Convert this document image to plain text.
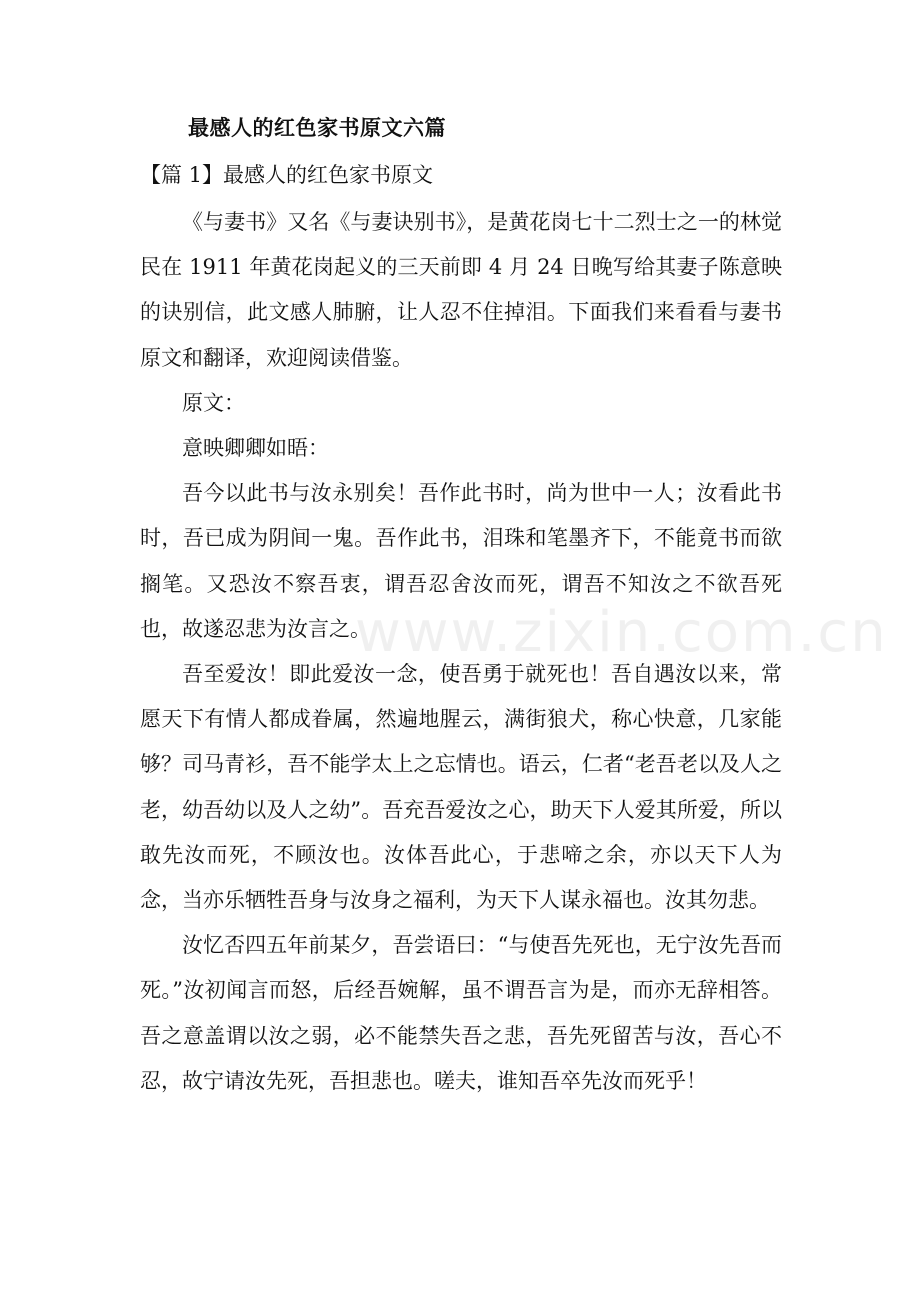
最感人的红色家书原文六篇

【篇 1】最感人的红色家书原文

《与妻书》又名《与妻诀别书》，是黄花岗七十二烈士之一的林觉民在 1911 年黄花岗起义的三天前即 4 月 24 日晚写给其妻子陈意映的诀别信，此文感人肺腑，让人忍不住掉泪。下面我们来看看与妻书原文和翻译，欢迎阅读借鉴。

原文：

意映卿卿如晤：

吾今以此书与汝永别矣！吾作此书时，尚为世中一人；汝看此书时，吾已成为阴间一鬼。吾作此书，泪珠和笔墨齐下，不能竟书而欲搁笔。又恐汝不察吾衷，谓吾忍舍汝而死，谓吾不知汝之不欲吾死也，故遂忍悲为汝言之。

吾至爱汝！即此爱汝一念，使吾勇于就死也！吾自遇汝以来，常愿天下有情人都成眷属，然遍地腥云，满街狼犬，称心快意，几家能够？司马青衫，吾不能学太上之忘情也。语云，仁者“老吾老以及人之老，幼吾幼以及人之幼”。吾充吾爱汝之心，助天下人爱其所爱，所以敢先汝而死，不顾汝也。汝体吾此心，于悲啼之余，亦以天下人为念，当亦乐牺牲吾身与汝身之福利，为天下人谋永福也。汝其勿悲。

汝忆否四五年前某夕，吾尝语曰：“与使吾先死也，无宁汝先吾而死。”汝初闻言而怒，后经吾婉解，虽不谓吾言为是，而亦无辞相答。吾之意盖谓以汝之弱，必不能禁失吾之悲，吾先死留苦与汝，吾心不忍，故宁请汝先死，吾担悲也。嗟夫，谁知吾卒先汝而死乎！

www.zixin.com.cn
